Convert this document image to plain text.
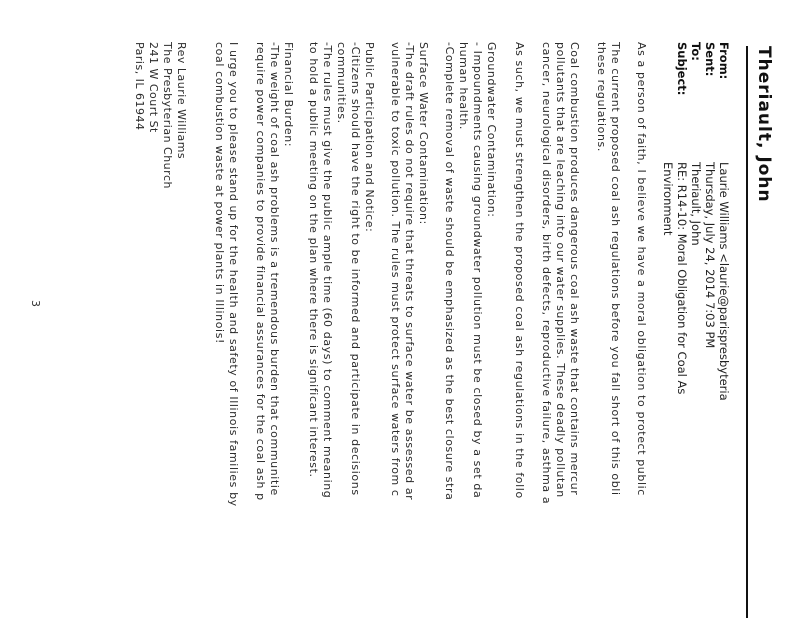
Theriault, John
From:
Laurie Williams <laurie@parispresbyteria
Sent:
Thursday, July 24, 2014 7:03 PM
To:
Theriault, John
Subject:
RE: R14-10: Moral Obligation for Coal As
Environment
As a person of faith, I believe we have a moral obligation to protect public
The current proposed coal ash regulations before you fall short of this obli
these regulations.
Coal combustion produces dangerous coal ash waste that contains mercur
pollutants that are leaching into our water supplies. These deadly pollutan
cancer, neurological disorders, birth defects, reproductive failure, asthma a
As such, we must strengthen the proposed coal ash regulations in the follo
Groundwater Contamination:
- Impoundments causing groundwater pollution must be closed by a set da
human health.
-Complete removal of waste should be emphasized as the best closure stra
Surface Water Contamination:
-The draft rules do not require that threats to surface water be assessed ar
vulnerable to toxic pollution. The rules must protect surface waters from c
Public Participation and Notice:
-Citizens should have the right to be informed and participate in decisions
communities.
-The rules must give the public ample time (60 days) to comment meaning
to hold a public meeting on the plan where there is significant interest.
Financial Burden:
-The weight of coal ash problems is a tremendous burden that communitie
require power companies to provide financial assurances for the coal ash p
I urge you to please stand up for the health and safety of Illinois families by
coal combustion waste at power plants in Illinois!
Rev Laurie Williams
The Presbyterian Church
241 W Court St
Paris, IL 61944
3
